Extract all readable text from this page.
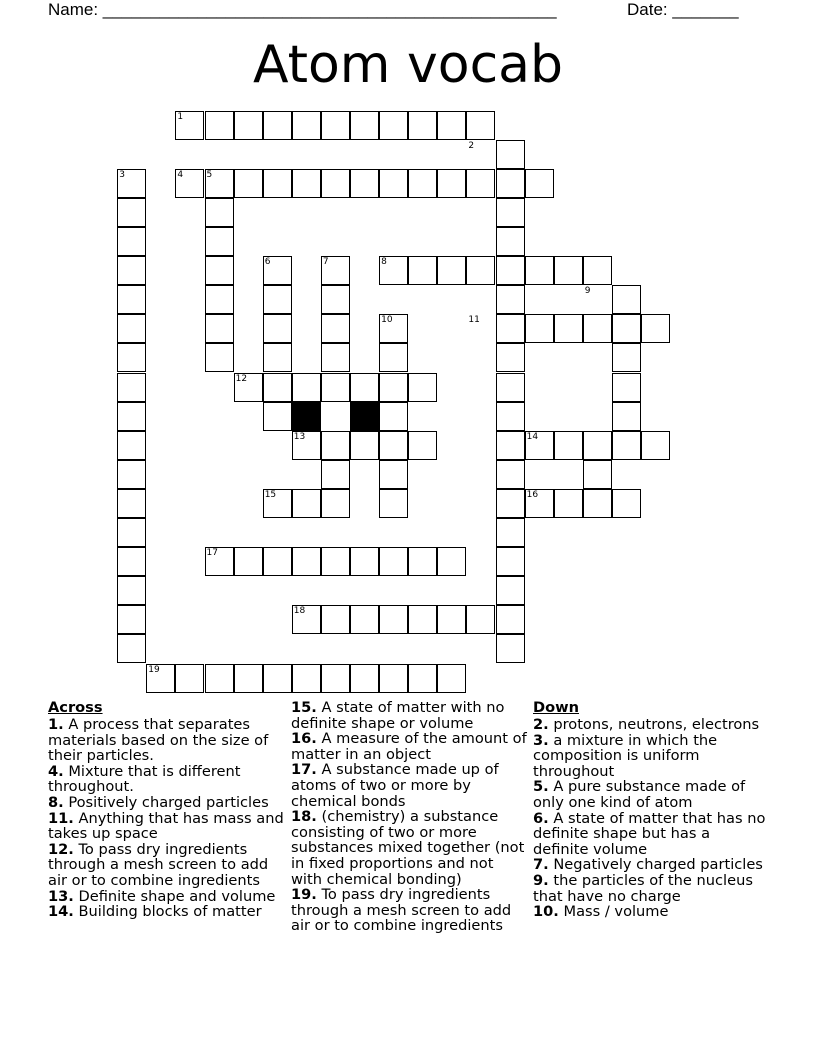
Name: ________________________________________________	Date: _______
Atom vocab
1
2
3	4	5
6	7	8
9
10	11
12
13	14
15	16
17
18
19
Across
1. A process that separates materials based on the size of their particles.
4. Mixture that is different throughout.
8. Positively charged particles
11. Anything that has mass and takes up space
12. To pass dry ingredients through a mesh screen to add air or to combine ingredients
13. Definite shape and volume
14. Building blocks of matter
15. A state of matter with no definite shape or volume
16. A measure of the amount of matter in an object
17. A substance made up of atoms of two or more by chemical bonds
18. (chemistry) a substance consisting of two or more substances mixed together (not in fixed proportions and not with chemical bonding)
19. To pass dry ingredients through a mesh screen to add air or to combine ingredients
Down
2. protons, neutrons, electrons
3. a mixture in which the composition is uniform throughout
5. A pure substance made of only one kind of atom
6. A state of matter that has no definite shape but has a definite volume
7. Negatively charged particles
9. the particles of the nucleus that have no charge
10. Mass / volume
